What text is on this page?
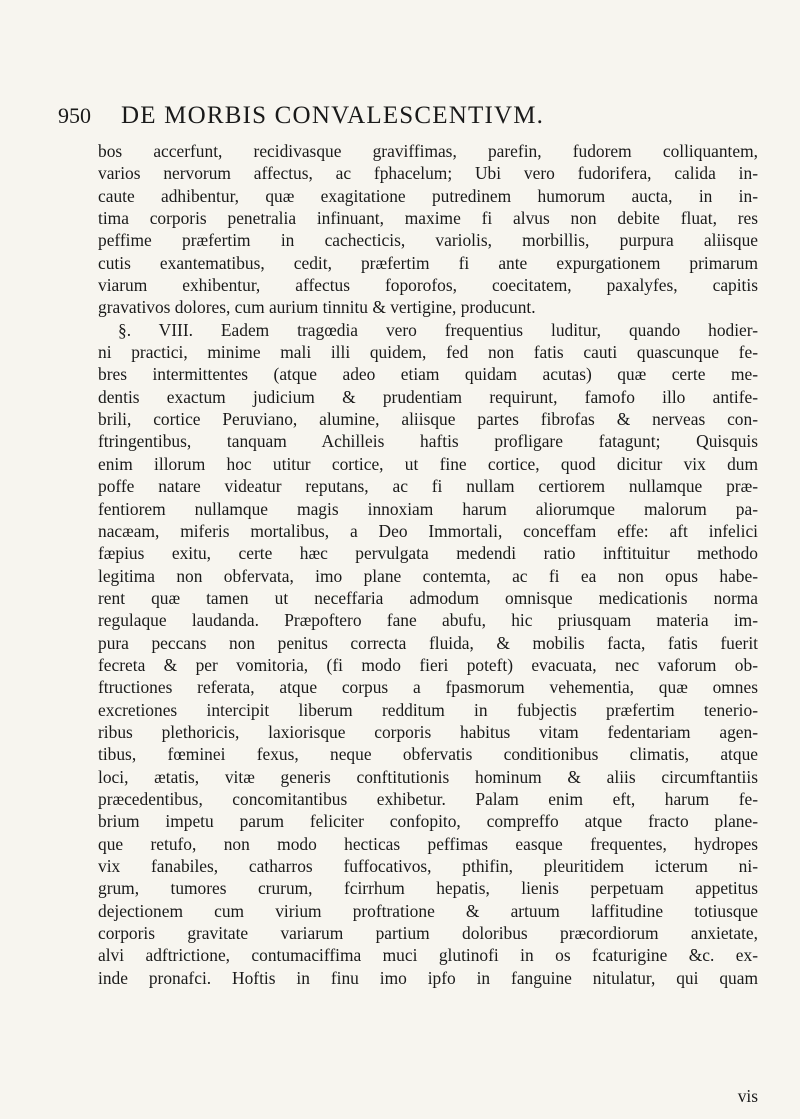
950 DE MORBIS CONVALESCENTIVM.
bos accerfunt, recidivasque graviffimas, parefin, fudorem colliquantem,
varios nervorum affectus, ac fphacelum; Ubi vero fudorifera, calida in-
caute adhibentur, quæ exagitatione putredinem humorum aucta, in in-
tima corporis penetralia infinuant, maxime fi alvus non debite fluat, res
peffime præfertim in cachecticis, variolis, morbillis, purpura aliisque
cutis exantematibus, cedit, præfertim fi ante expurgationem primarum
viarum exhibentur, affectus foporofos, coecitatem, paxalyfes, capitis
gravativos dolores, cum aurium tinnitu & vertigine, producunt.
§. VIII. Eadem tragœdia vero frequentius luditur, quando hodier-
ni practici, minime mali illi quidem, fed non fatis cauti quascunque fe-
bres intermittentes (atque adeo etiam quidam acutas) quæ certe me-
dentis exactum judicium & prudentiam requirunt, famofo illo antife-
brili, cortice Peruviano, alumine, aliisque partes fibrofas & nerveas con-
ftringentibus, tanquam Achilleis haftis profligare fatagunt; Quisquis
enim illorum hoc utitur cortice, ut fine cortice, quod dicitur vix dum
poffe natare videatur reputans, ac fi nullam certiorem nullamque præ-
fentiorem nullamque magis innoxiam harum aliorumque malorum pa-
nacæam, miferis mortalibus, a Deo Immortali, conceffam effe: aft infelici
fæpius exitu, certe hæc pervulgata medendi ratio inftituitur methodo
legitima non obfervata, imo plane contemta, ac fi ea non opus habe-
rent quæ tamen ut neceffaria admodum omnisque medicationis norma
regulaque laudanda. Præpoftero fane abufu, hic priusquam materia im-
pura peccans non penitus correcta fluida, & mobilis facta, fatis fuerit
fecreta & per vomitoria, (fi modo fieri poteft) evacuata, nec vaforum ob-
ftructiones referata, atque corpus a fpasmorum vehementia, quæ omnes
excretiones intercipit liberum redditum in fubjectis præfertim tenerio-
ribus plethoricis, laxiorisque corporis habitus vitam fedentariam agen-
tibus, fœminei fexus, neque obfervatis conditionibus climatis, atque
loci, ætatis, vitæ generis conftitutionis hominum & aliis circumftantiis
præcedentibus, concomitantibus exhibetur. Palam enim eft, harum fe-
brium impetu parum feliciter confopito, compreffo atque fracto plane-
que retufo, non modo hecticas peffimas easque frequentes, hydropes
vix fanabiles, catharros fuffocativos, pthifin, pleuritidem icterum ni-
grum, tumores crurum, fcirrhum hepatis, lienis perpetuam appetitus
dejectionem cum virium proftratione & artuum laffitudine totiusque
corporis gravitate variarum partium doloribus præcordiorum anxietate,
alvi adftrictione, contumaciffima muci glutinofi in os fcaturigine &c. ex-
inde pronafci. Hoftis in finu imo ipfo in fanguine nitulatur, qui quam
vis
